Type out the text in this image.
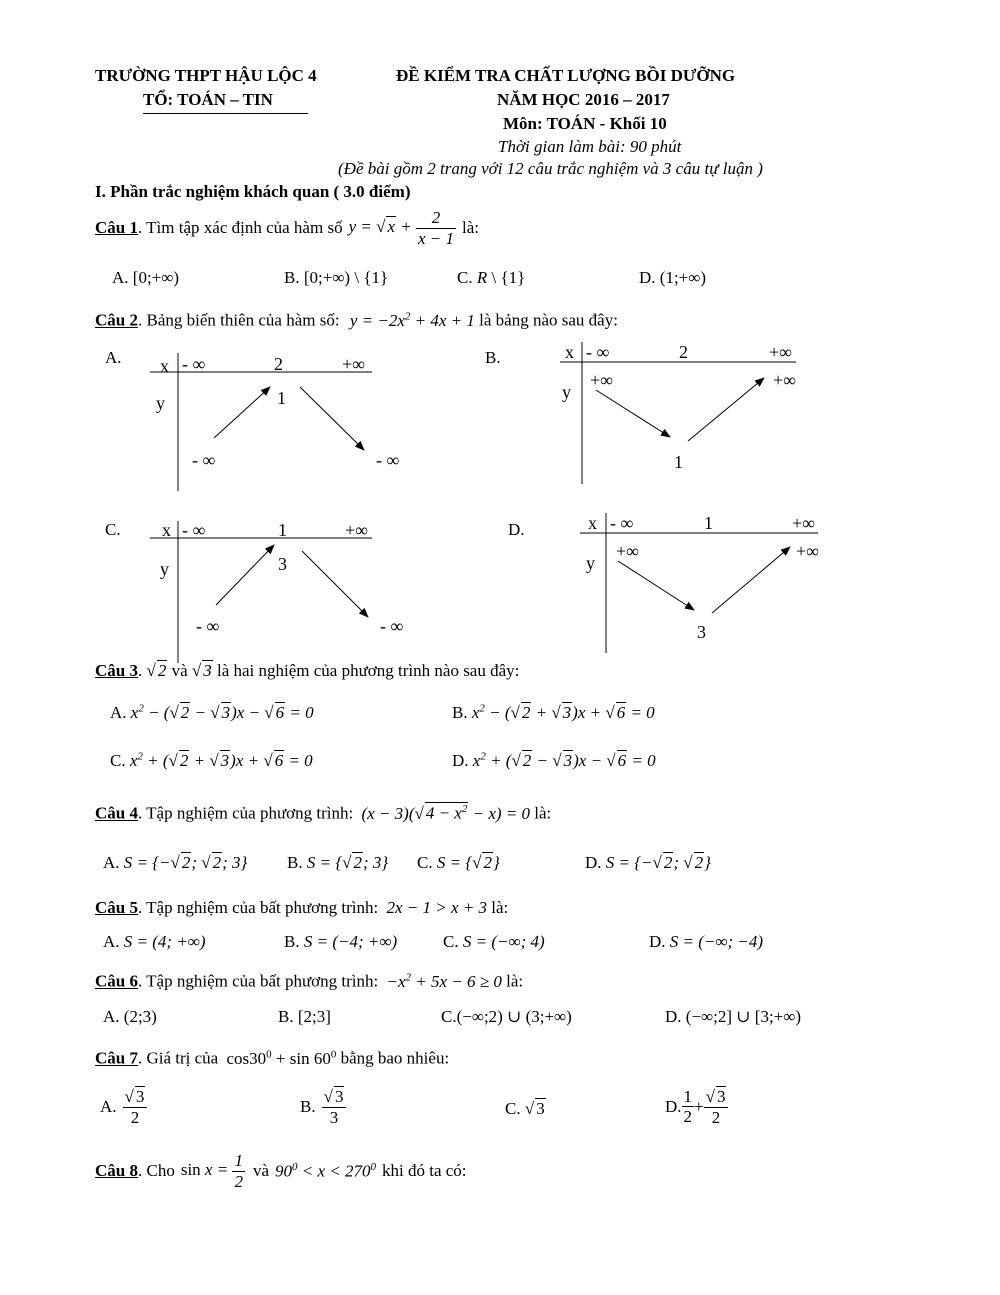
TRƯỜNG THPT HẬU LỘC 4
TỔ: TOÁN – TIN
ĐỀ KIỂM TRA CHẤT LƯỢNG BỒI DƯỠNG
NĂM HỌC 2016 – 2017
Môn: TOÁN - Khối 10
Thời gian làm bài: 90 phút
(Đề bài gồm 2 trang với 12 câu trắc nghiệm và 3 câu tự luận )
I. Phần trắc nghiệm khách quan ( 3.0 điểm)
Câu 1 . Tìm tập xác định của hàm số y = √ $x + \frac{2}{x - 1}$ là:
A. [0;+∞)	B. [0;+∞) \ {1}	C. R \ {1}	D. (1;+∞)
Câu 2. Bảng biến thiên của hàm số: $y = -2x^2 + 4x + 1$ là bảng nào sau đây:
A.	B.
C.	D.
x - ∞	2	+∞
y	1
- ∞	- ∞
x - ∞	2	+∞
y
+∞	+∞
1
x - ∞	1	+∞
y	3
- ∞	- ∞
x - ∞	1	+∞
y
+∞	+∞
3
Câu 3. √ 2 và √ 3 là hai nghiệm của phương trình nào sau đây:
A. $x^2$ − (√ 2 − √ 3)x − √ 6 = 0	B. $x^2$ − (√ 2 + √ 3)x + √ 6 = 0
C. $x^2$ + (√ 2 + √ 3)x + √ 6 = 0	D. $x^2$ + (√ 2 − √ 3)x − √ 6 = 0
Câu 4. Tập nghiệm của phương trình: (x − 3)(√ $4 - x^2 - x) = 0$ là:
A. S = {−√ 2; √ 2; 3} B. S = {√ 2; 3} C. S = {√ 2}	D. S = {−√ 2; √ 2}
Câu 5. Tập nghiệm của bất phương trình: 2x − 1 > x + 3 là:
A. S = (4; +∞)	B. S = (−4; +∞)	C. S = (−∞; 4)	D. S = (−∞; −4)
Câu 6. Tập nghiệm của bất phương trình: $-x^2 + 5x - 6 \ge 0$ là:
A. (2;3)	B. [2;3]	C.(−∞;2) ∪ (3;+∞)	D. (−∞;2] ∪ [3;+∞)
Câu 7. Giá trị của $\cos 30^0 + \sin 60^0$ bằng bao nhiêu:
A. $\frac{√ 3}{2}$	B. $\frac{√ 3}{3}$	C. √ 3	D. $\frac{1}{2} + \frac{√ 3}{2}$
Câu 8 . Cho $\sin x = \frac{1}{2}$ và $90^0 < x < 270^0$ khi đó ta có:
